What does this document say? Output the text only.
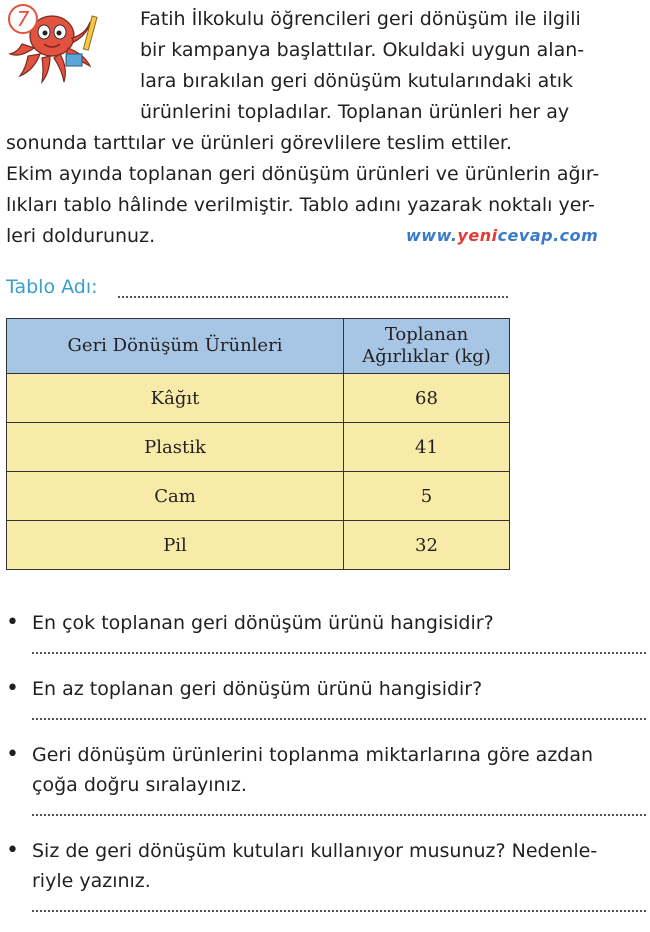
7	Fatih İlkokulu öğrencileri geri dönüşüm ile ilgili
bir kampanya başlattılar. Okuldaki uygun alan-
lara bırakılan geri dönüşüm kutularındaki atık
ürünlerini topladılar. Toplanan ürünleri her ay

sonunda tarttılar ve ürünleri görevlilere teslim ettiler.
Ekim ayında toplanan geri dönüşüm ürünleri ve ürünlerin ağır-
lıkları tablo hâlinde verilmiştir. Tablo adını yazarak noktalı yer-
leri doldurunuz.	www.yenicevap.com
Tablo Adı:
Geri Dönüşüm Ürünleri	Toplanan Ağırlıklar (kg)
Kâğıt	68
Plastik	41
Cam	5
Pil	32
• En çok toplanan geri dönüşüm ürünü hangisidir?
• En az toplanan geri dönüşüm ürünü hangisidir?
• Geri dönüşüm ürünlerini toplanma miktarlarına göre azdan
çoğa doğru sıralayınız.
• Siz de geri dönüşüm kutuları kullanıyor musunuz? Nedenle-
riyle yazınız.
